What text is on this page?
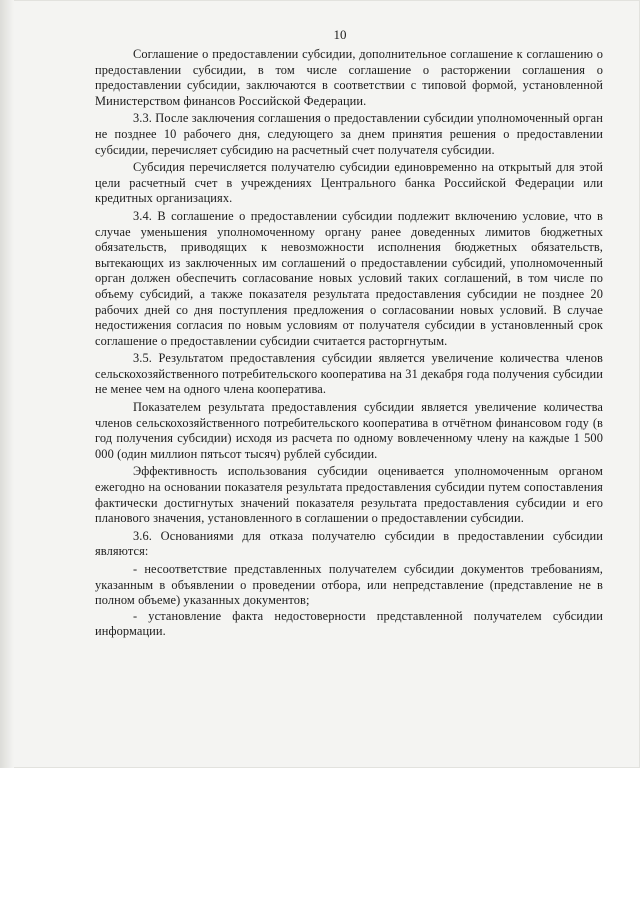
10

Соглашение о предоставлении субсидии, дополнительное соглашение к соглашению о предоставлении субсидии, в том числе соглашение о расторжении соглашения о предоставлении субсидии, заключаются в соответствии с типовой формой, установленной Министерством финансов Российской Федерации.

3.3. После заключения соглашения о предоставлении субсидии уполномоченный орган не позднее 10 рабочего дня, следующего за днем принятия решения о предоставлении субсидии, перечисляет субсидию на расчетный счет получателя субсидии.

Субсидия перечисляется получателю субсидии единовременно на открытый для этой цели расчетный счет в учреждениях Центрального банка Российской Федерации или кредитных организациях.

3.4. В соглашение о предоставлении субсидии подлежит включению условие, что в случае уменьшения уполномоченному органу ранее доведенных лимитов бюджетных обязательств, приводящих к невозможности исполнения бюджетных обязательств, вытекающих из заключенных им соглашений о предоставлении субсидий, уполномоченный орган должен обеспечить согласование новых условий таких соглашений, в том числе по объему субсидий, а также показателя результата предоставления субсидии не позднее 20 рабочих дней со дня поступления предложения о согласовании новых условий. В случае недостижения согласия по новым условиям от получателя субсидии в установленный срок соглашение о предоставлении субсидии считается расторгнутым.

3.5. Результатом предоставления субсидии является увеличение количества членов сельскохозяйственного потребительского кооператива на 31 декабря года получения субсидии не менее чем на одного члена кооператива.

Показателем результата предоставления субсидии является увеличение количества членов сельскохозяйственного потребительского кооператива в отчётном финансовом году (в год получения субсидии) исходя из расчета по одному вовлеченному члену на каждые 1 500 000 (один миллион пятьсот тысяч) рублей субсидии.

Эффективность использования субсидии оценивается уполномоченным органом ежегодно на основании показателя результата предоставления субсидии путем сопоставления фактически достигнутых значений показателя результата предоставления субсидии и его планового значения, установленного в соглашении о предоставлении субсидии.

3.6. Основаниями для отказа получателю субсидии в предоставлении субсидии являются:

- несоответствие представленных получателем субсидии документов требованиям, указанным в объявлении о проведении отбора, или непредставление (представление не в полном объеме) указанных документов;

- установление факта недостоверности представленной получателем субсидии информации.
